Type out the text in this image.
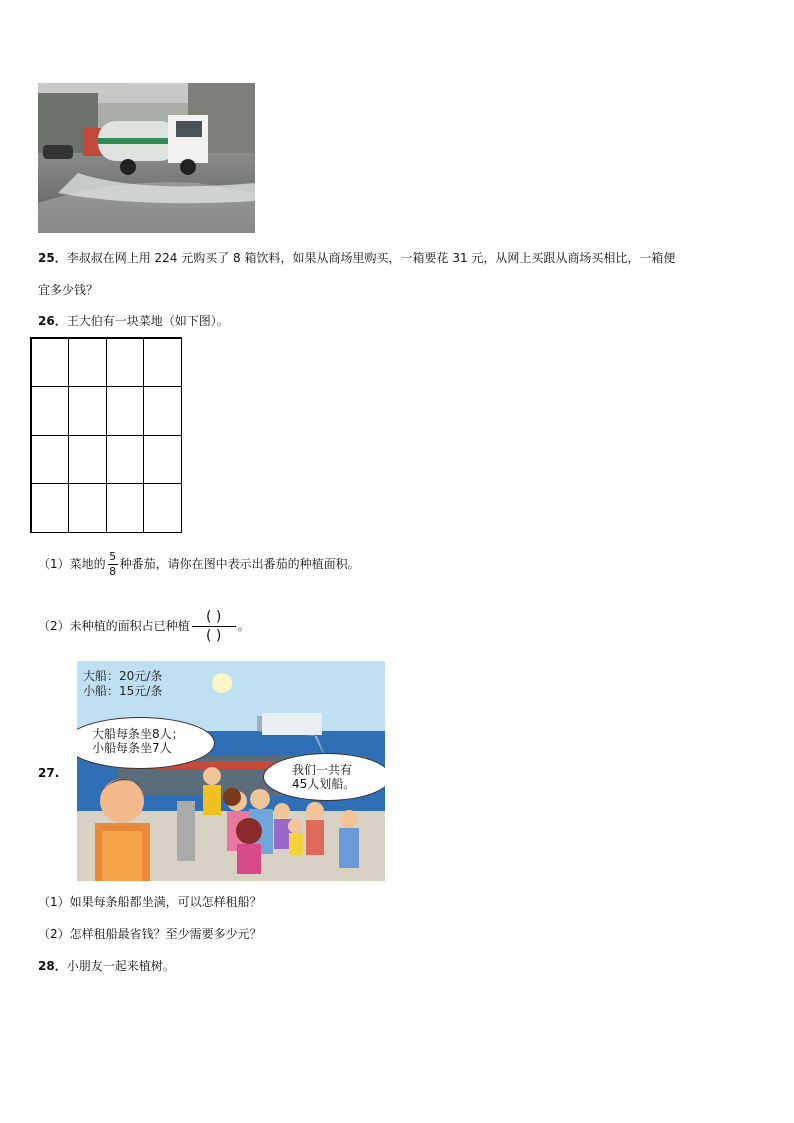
25．李叔叔在网上用 224 元购买了 8 箱饮料，如果从商场里购买，一箱要花 31 元，从网上买跟从商场买相比，一箱便
宜多少钱？
26．王大伯有一块菜地（如下图）。
（1）菜地的 $\frac{5}{8}$ 种番茄，请你在图中表示出番茄的种植面积。
（2）未种植的面积占已种植
( )
( )
。
27.
大船：20元/条
小船：15元/条
大船每条坐8人；
小船每条坐7人
我们一共有
45人划船。
（1）如果每条船都坐满，可以怎样租船？
（2）怎样租船最省钱？至少需要多少元？
28．小朋友一起来植树。
